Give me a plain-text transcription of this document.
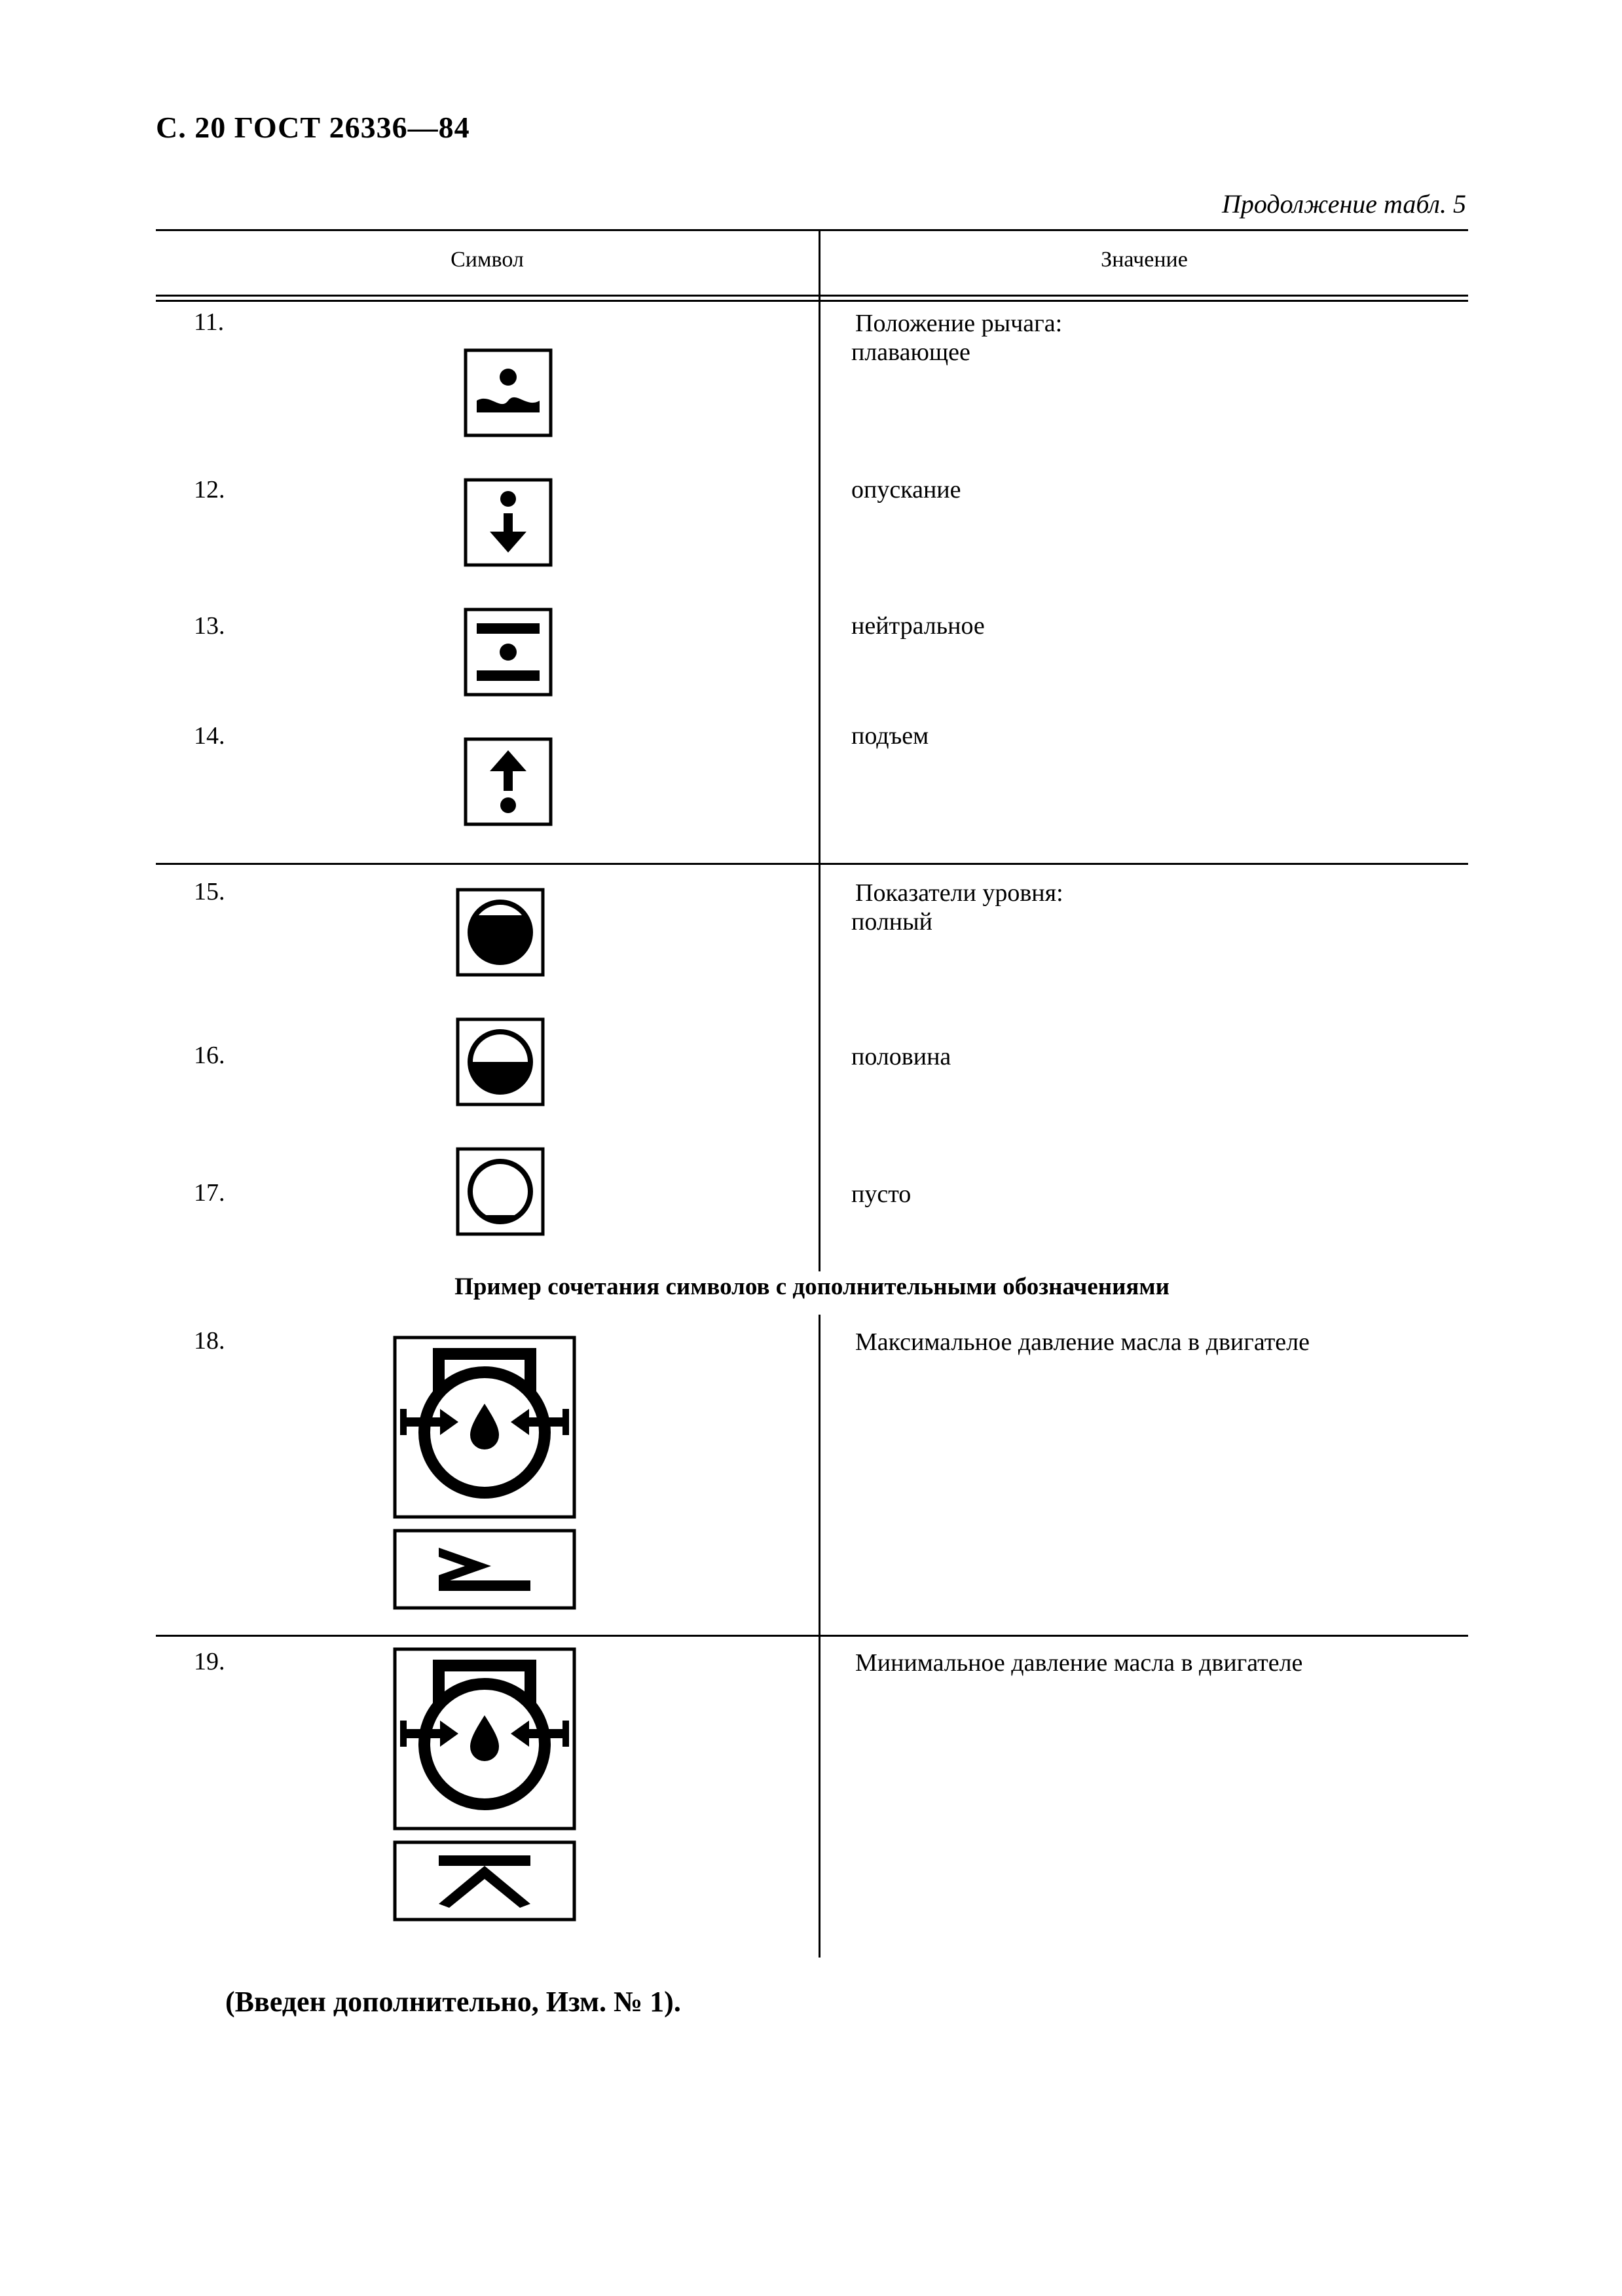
С. 20 ГОСТ 26336—84
Продолжение табл. 5
Символ	Значение
11.
12.
13.
14.
15.
16.
17.
18.
19.
Положение рычага:
плавающее
опускание
нейтральное
подъем
Показатели уровня:
полный
половина
пусто
Максимальное давление масла в двигателе
Минимальное давление масла в двигателе
Пример сочетания символов с дополнительными обозначениями
(Введен дополнительно, Изм. № 1).
